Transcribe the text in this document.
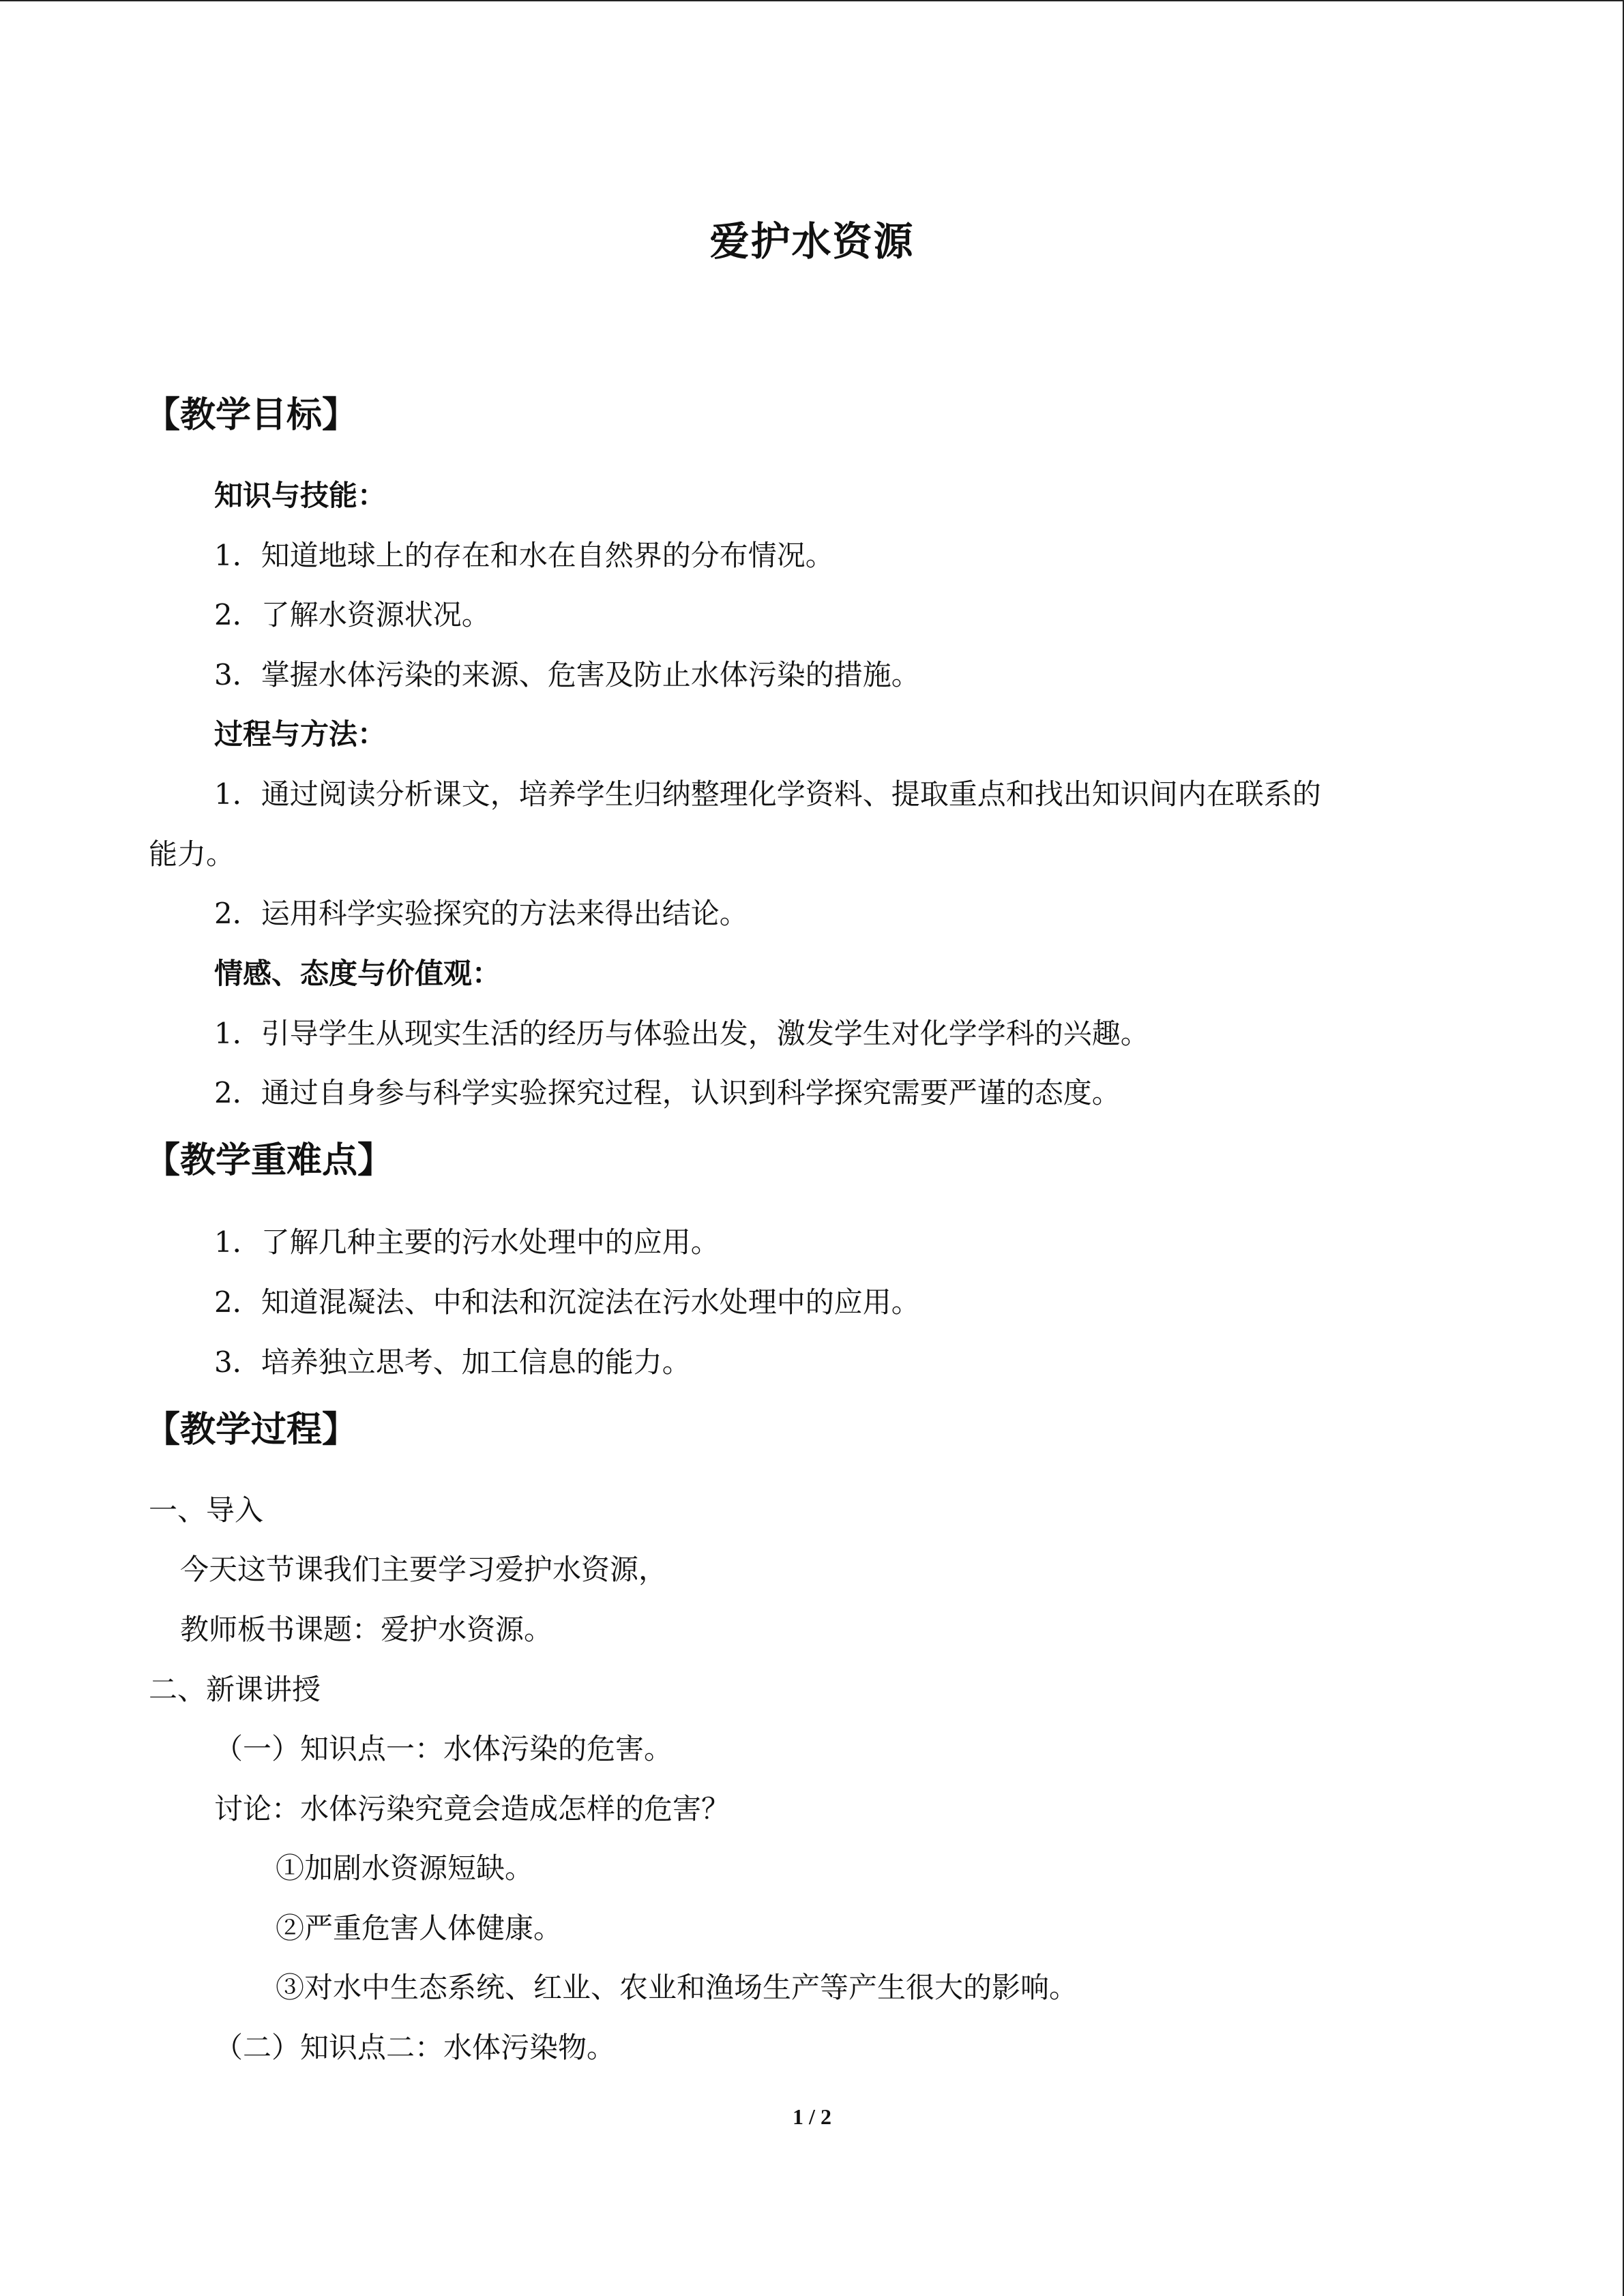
爱护水资源
【教学目标】
知识与技能：
1．知道地球上的存在和水在自然界的分布情况。
2．了解水资源状况。
3．掌握水体污染的来源、危害及防止水体污染的措施。
过程与方法：
1．通过阅读分析课文，培养学生归纳整理化学资料、提取重点和找出知识间内在联系的
能力。
2．运用科学实验探究的方法来得出结论。
情感、态度与价值观：
1．引导学生从现实生活的经历与体验出发，激发学生对化学学科的兴趣。
2．通过自身参与科学实验探究过程，认识到科学探究需要严谨的态度。
【教学重难点】
1．了解几种主要的污水处理中的应用。
2．知道混凝法、中和法和沉淀法在污水处理中的应用。
3．培养独立思考、加工信息的能力。
【教学过程】
一、导入
今天这节课我们主要学习爱护水资源，
教师板书课题：爱护水资源。
二、新课讲授
（一）知识点一：水体污染的危害。
讨论：水体污染究竟会造成怎样的危害？
①加剧水资源短缺。
②严重危害人体健康。
③对水中生态系统、红业、农业和渔场生产等产生很大的影响。
（二）知识点二：水体污染物。
1 / 2
